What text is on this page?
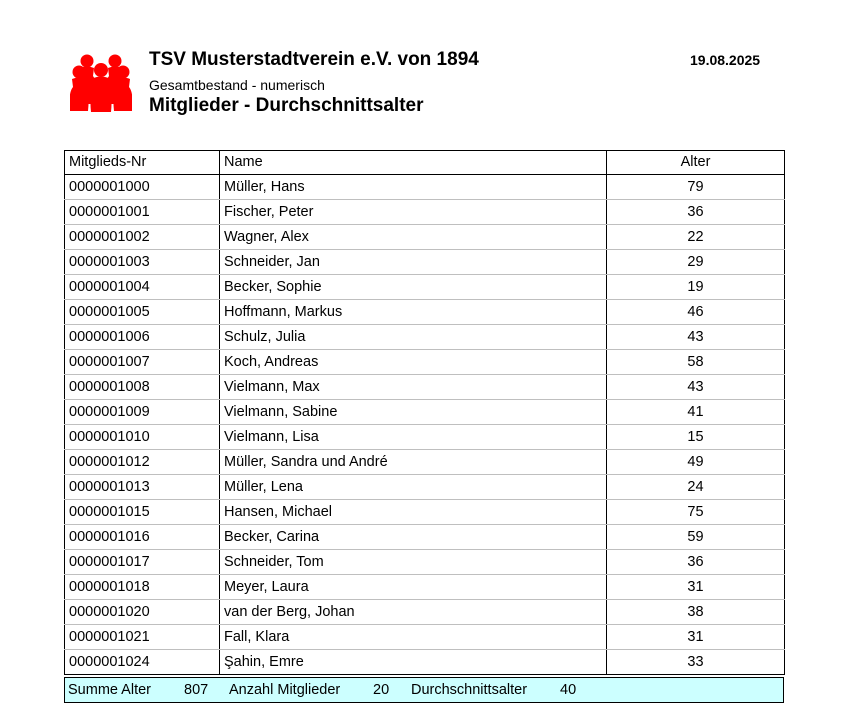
TSV Musterstadtverein e.V. von 1894
Gesamtbestand - numerisch
Mitglieder - Durchschnittsalter
19.08.2025
Mitglieds-Nr	Name	Alter
0000001000	Müller, Hans	79
0000001001	Fischer, Peter	36
0000001002	Wagner, Alex	22
0000001003	Schneider, Jan	29
0000001004	Becker, Sophie	19
0000001005	Hoffmann, Markus	46
0000001006	Schulz, Julia	43
0000001007	Koch, Andreas	58
0000001008	Vielmann, Max	43
0000001009	Vielmann, Sabine	41
0000001010	Vielmann, Lisa	15
0000001012	Müller, Sandra und André	49
0000001013	Müller, Lena	24
0000001015	Hansen, Michael	75
0000001016	Becker, Carina	59
0000001017	Schneider, Tom	36
0000001018	Meyer, Laura	31
0000001020	van der Berg, Johan	38
0000001021	Fall, Klara	31
0000001024	Şahin, Emre	33
Summe Alter 807 Anzahl Mitglieder 20 Durchschnittsalter 40
